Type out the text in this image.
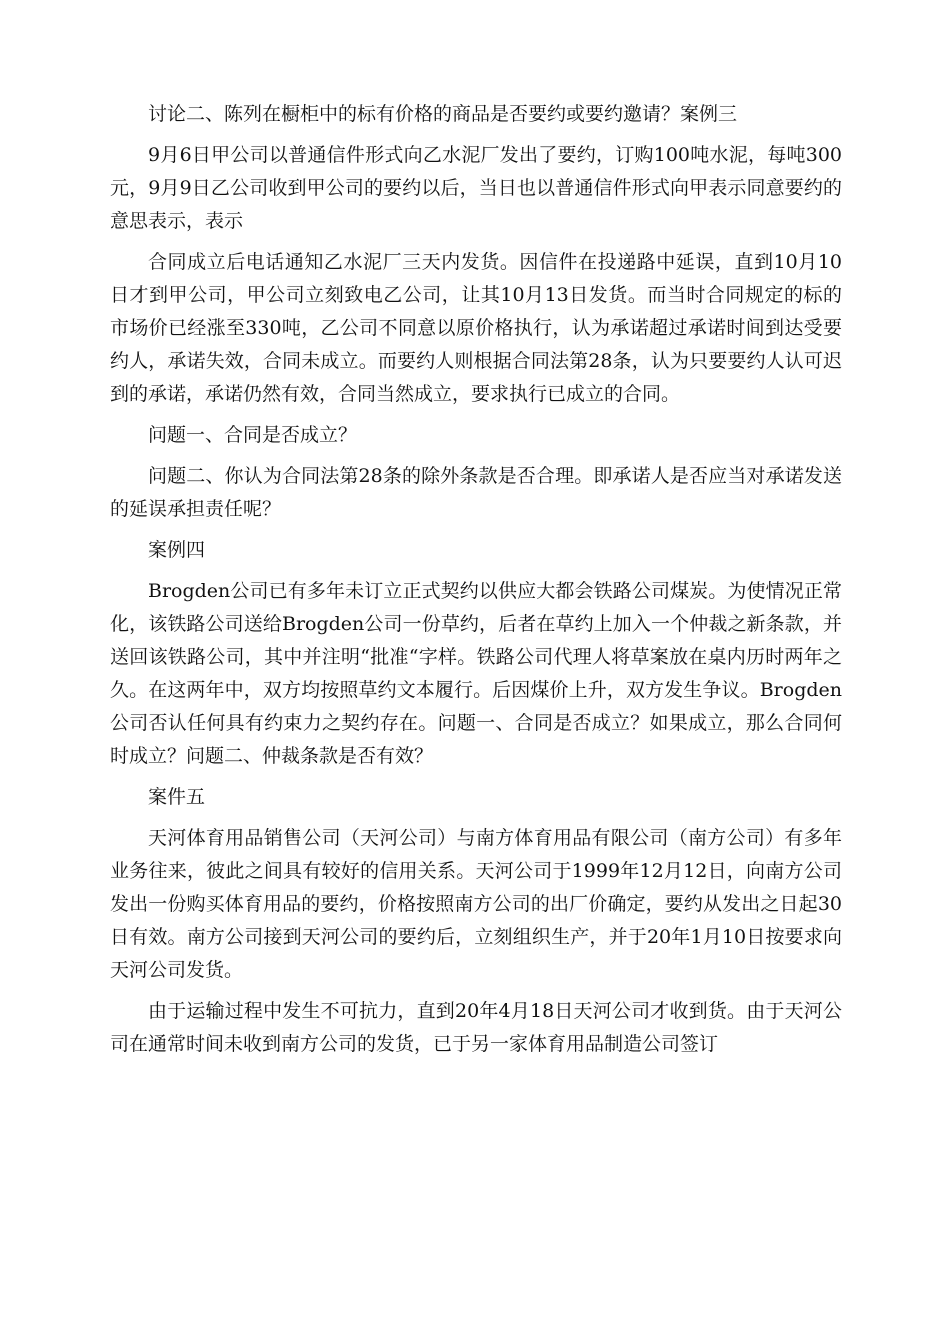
讨论二、陈列在橱柜中的标有价格的商品是否要约或要约邀请？案例三

9月6日甲公司以普通信件形式向乙水泥厂发出了要约，订购100吨水泥，每吨300元，9月9日乙公司收到甲公司的要约以后，当日也以普通信件形式向甲表示同意要约的意思表示，表示

合同成立后电话通知乙水泥厂三天内发货。因信件在投递路中延误，直到10月10日才到甲公司，甲公司立刻致电乙公司，让其10月13日发货。而当时合同规定的标的市场价已经涨至330吨，乙公司不同意以原价格执行，认为承诺超过承诺时间到达受要约人，承诺失效，合同未成立。而要约人则根据合同法第28条，认为只要要约人认可迟到的承诺，承诺仍然有效，合同当然成立，要求执行已成立的合同。

问题一、合同是否成立？

问题二、你认为合同法第28条的除外条款是否合理。即承诺人是否应当对承诺发送的延误承担责任呢？

案例四

Brogden公司已有多年未订立正式契约以供应大都会铁路公司煤炭。为使情况正常化，该铁路公司送给Brogden公司一份草约，后者在草约上加入一个仲裁之新条款，并送回该铁路公司，其中并注明“批准“字样。铁路公司代理人将草案放在桌内历时两年之久。在这两年中，双方均按照草约文本履行。后因煤价上升，双方发生争议。Brogden公司否认任何具有约束力之契约存在。问题一、合同是否成立？如果成立，那么合同何时成立？问题二、仲裁条款是否有效？

案件五

天河体育用品销售公司（天河公司）与南方体育用品有限公司（南方公司）有多年业务往来，彼此之间具有较好的信用关系。天河公司于1999年12月12日，向南方公司发出一份购买体育用品的要约，价格按照南方公司的出厂价确定，要约从发出之日起30日有效。南方公司接到天河公司的要约后，立刻组织生产，并于20年1月10日按要求向天河公司发货。

由于运输过程中发生不可抗力，直到20年4月18日天河公司才收到货。由于天河公司在通常时间未收到南方公司的发货，已于另一家体育用品制造公司签订
